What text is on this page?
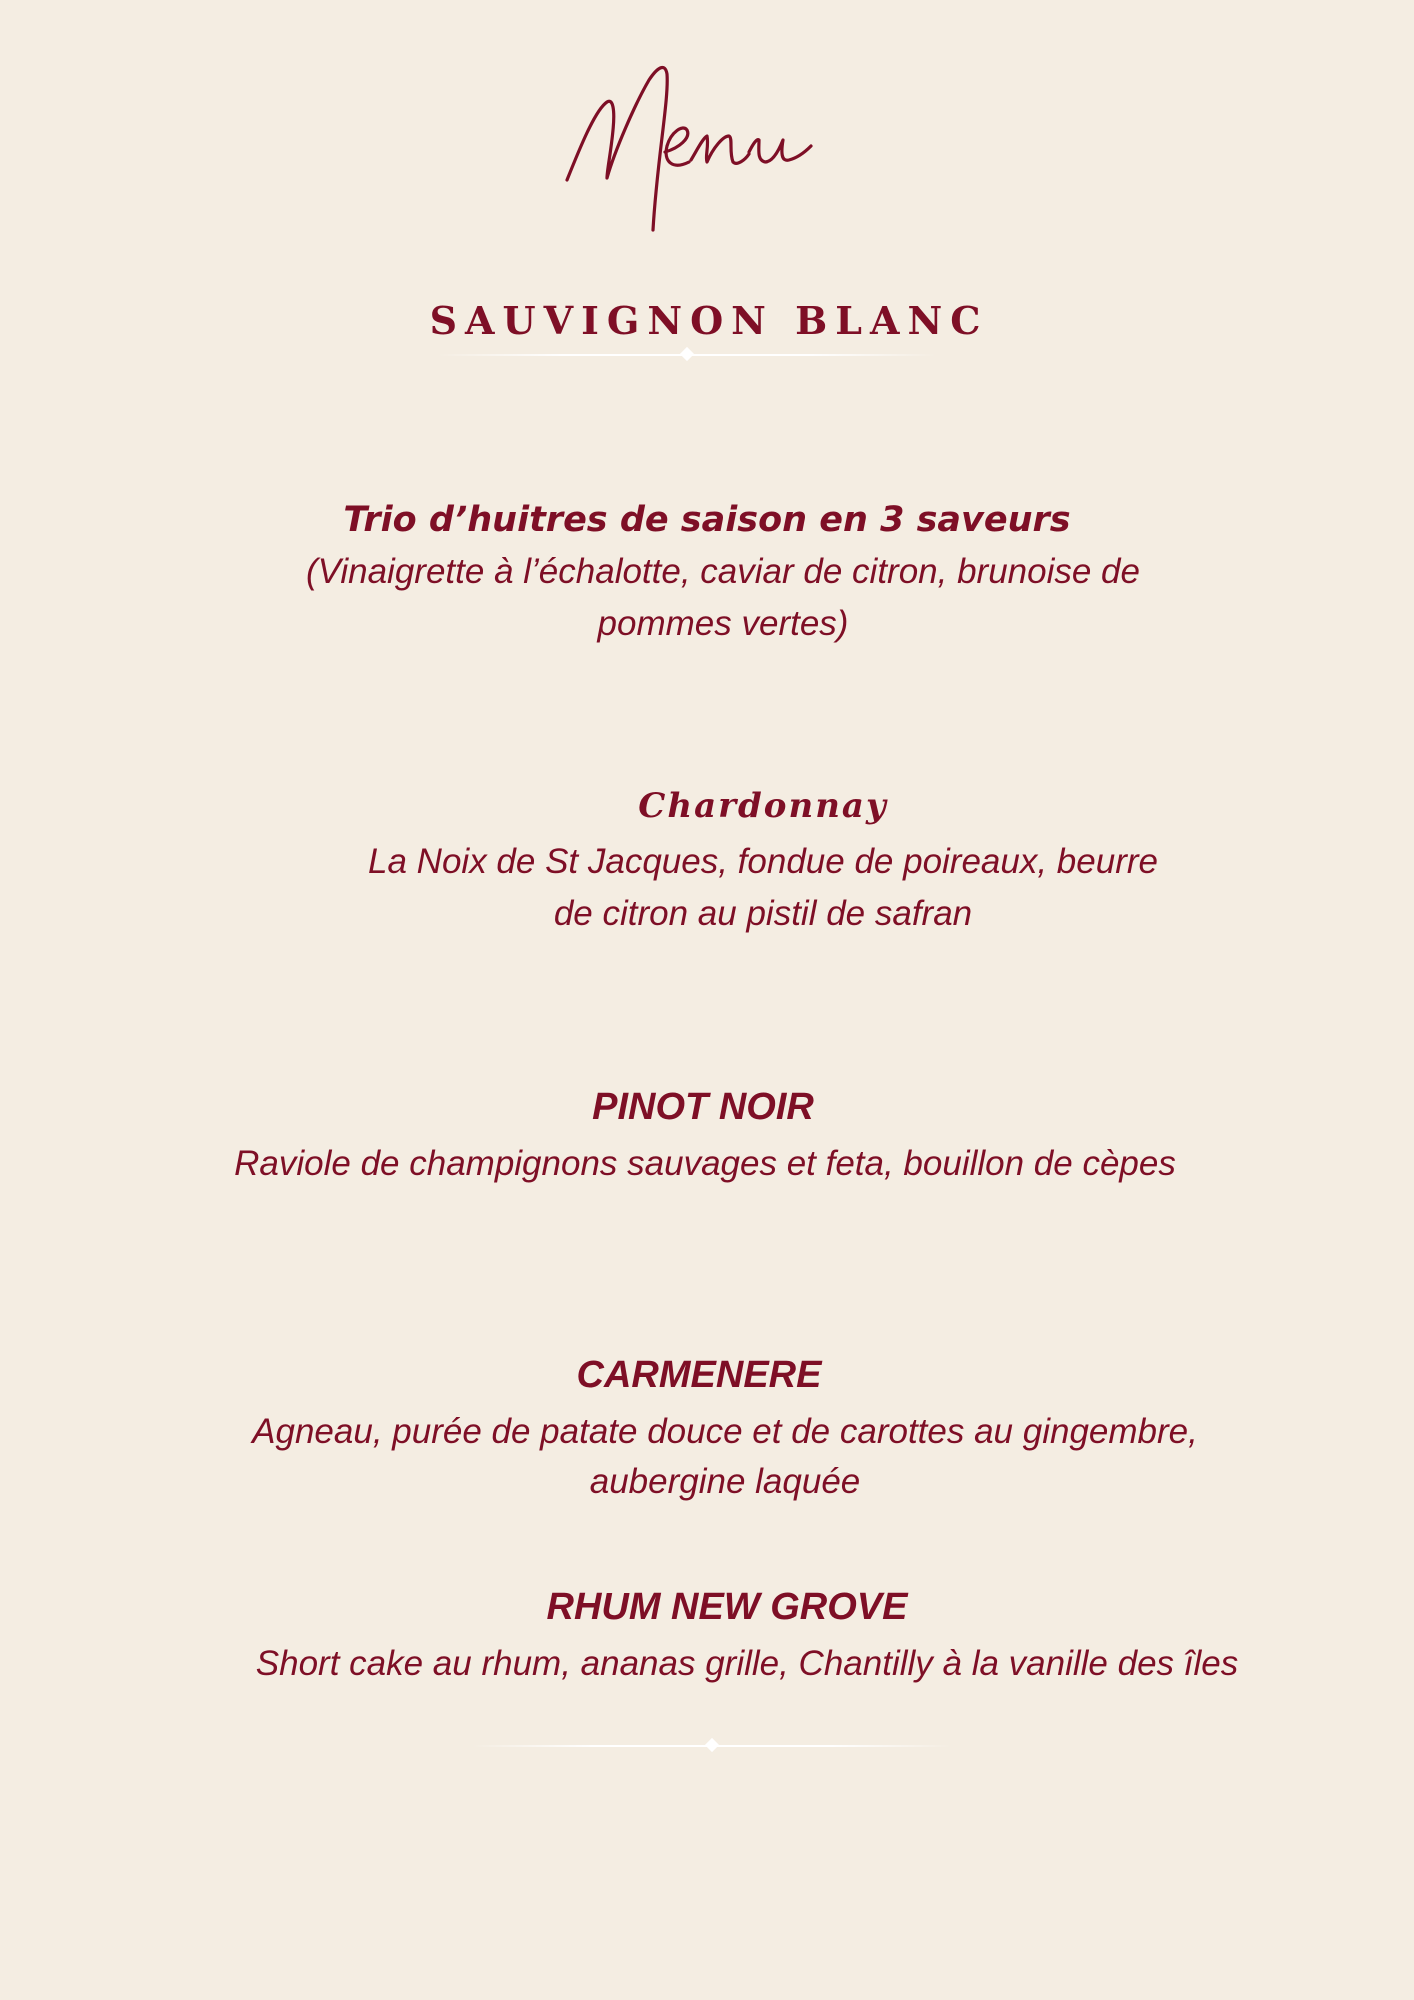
SAUVIGNON BLANC
Trio d’huitres de saison en 3 saveurs
(Vinaigrette à l’échalotte, caviar de citron, brunoise de
pommes vertes)
Chardonnay
La Noix de St Jacques, fondue de poireaux, beurre
de citron au pistil de safran
PINOT NOIR
Raviole de champignons sauvages et feta, bouillon de cèpes
CARMENERE
Agneau, purée de patate douce et de carottes au gingembre,
aubergine laquée
RHUM NEW GROVE
Short cake au rhum, ananas grille, Chantilly à la vanille des îles
